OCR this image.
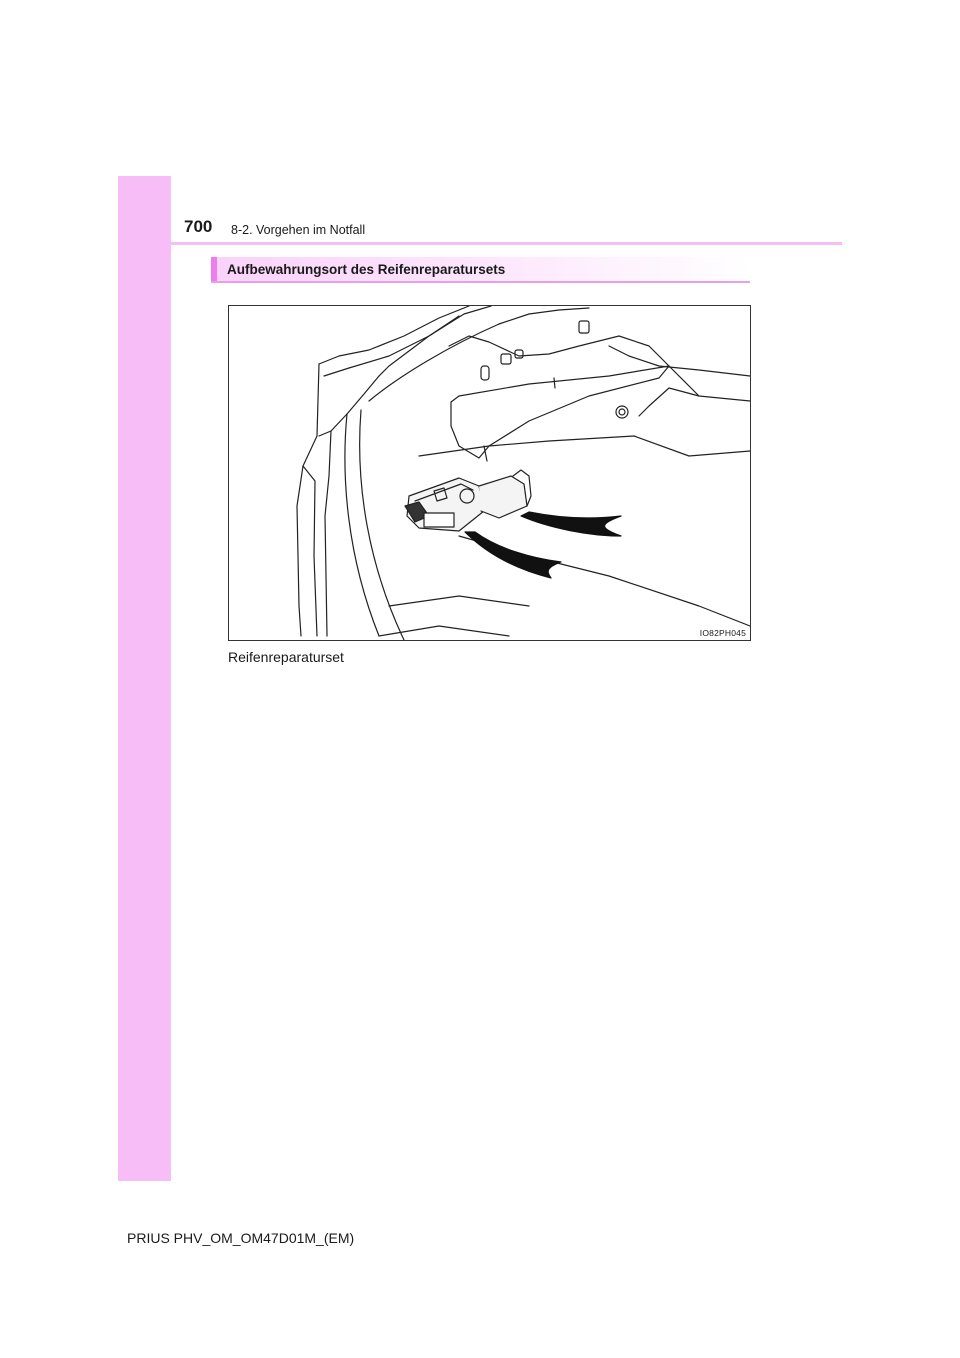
700 8-2. Vorgehen im Notfall
Aufbewahrungsort des Reifenreparatursets
IO82PH045
Reifenreparaturset
PRIUS PHV_OM_OM47D01M_(EM)
